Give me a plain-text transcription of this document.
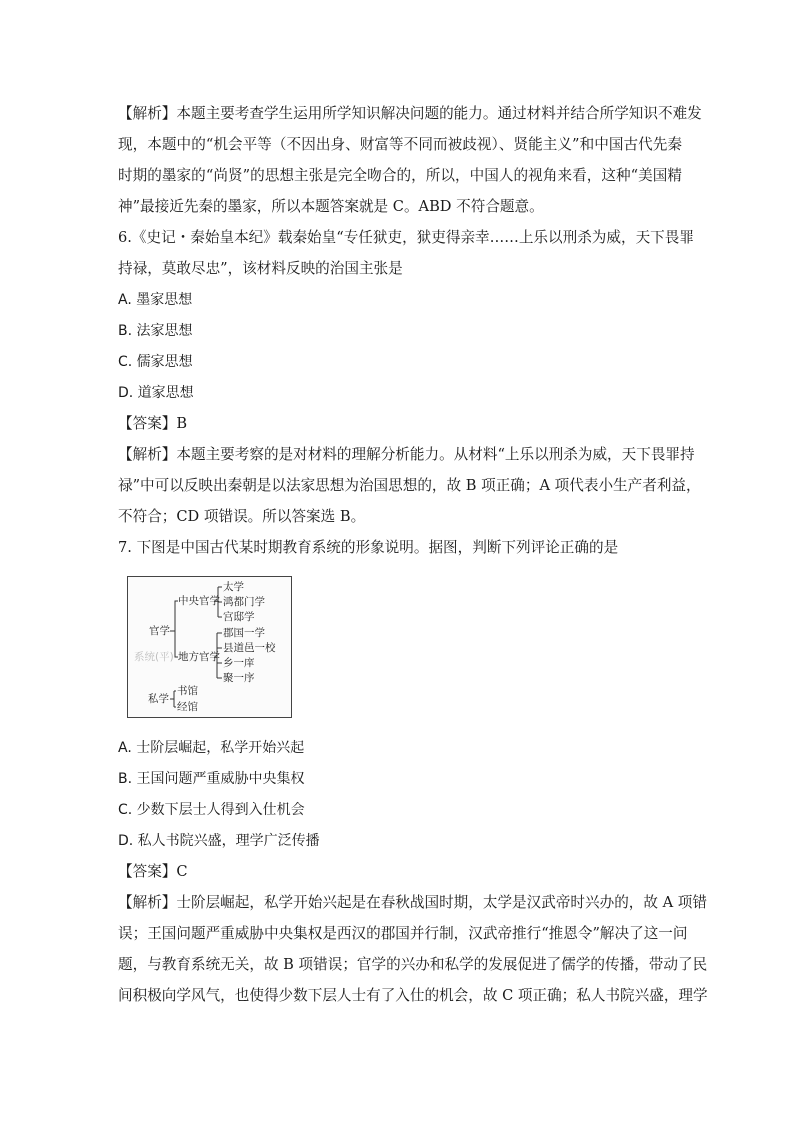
【解析】本题主要考查学生运用所学知识解决问题的能力。通过材料并结合所学知识不难发
现，本题中的“机会平等（不因出身、财富等不同而被歧视）、贤能主义”和中国古代先秦
时期的墨家的“尚贤”的思想主张是完全吻合的，所以，中国人的视角来看，这种“美国精
神”最接近先秦的墨家，所以本题答案就是 C。ABD 不符合题意。
6.《史记・秦始皇本纪》载秦始皇“专任狱吏，狱吏得亲幸……上乐以刑杀为威，天下畏罪
持禄，莫敢尽忠”，该材料反映的治国主张是
A. 墨家思想
B. 法家思想
C. 儒家思想
D. 道家思想
【答案】B
【解析】本题主要考察的是对材料的理解分析能力。从材料“上乐以刑杀为威，天下畏罪持
禄”中可以反映出秦朝是以法家思想为治国思想的，故 B 项正确；A 项代表小生产者利益，
不符合；CD 项错误。所以答案选 B。
7. 下图是中国古代某时期教育系统的形象说明。据图，判断下列评论正确的是
官学
中央官学
太学
鸿都门学
宫邸学
地方官学
郡国一学
县道邑一校
乡一庠
聚一序
系统(平)
私学
书馆
经馆
A. 士阶层崛起，私学开始兴起
B. 王国问题严重威胁中央集权
C. 少数下层士人得到入仕机会
D. 私人书院兴盛，理学广泛传播
【答案】C
【解析】士阶层崛起，私学开始兴起是在春秋战国时期，太学是汉武帝时兴办的，故 A 项错
误；王国问题严重威胁中央集权是西汉的郡国并行制，汉武帝推行“推恩令”解决了这一问
题，与教育系统无关，故 B 项错误；官学的兴办和私学的发展促进了儒学的传播，带动了民
间积极向学风气，也使得少数下层人士有了入仕的机会，故 C 项正确；私人书院兴盛，理学
